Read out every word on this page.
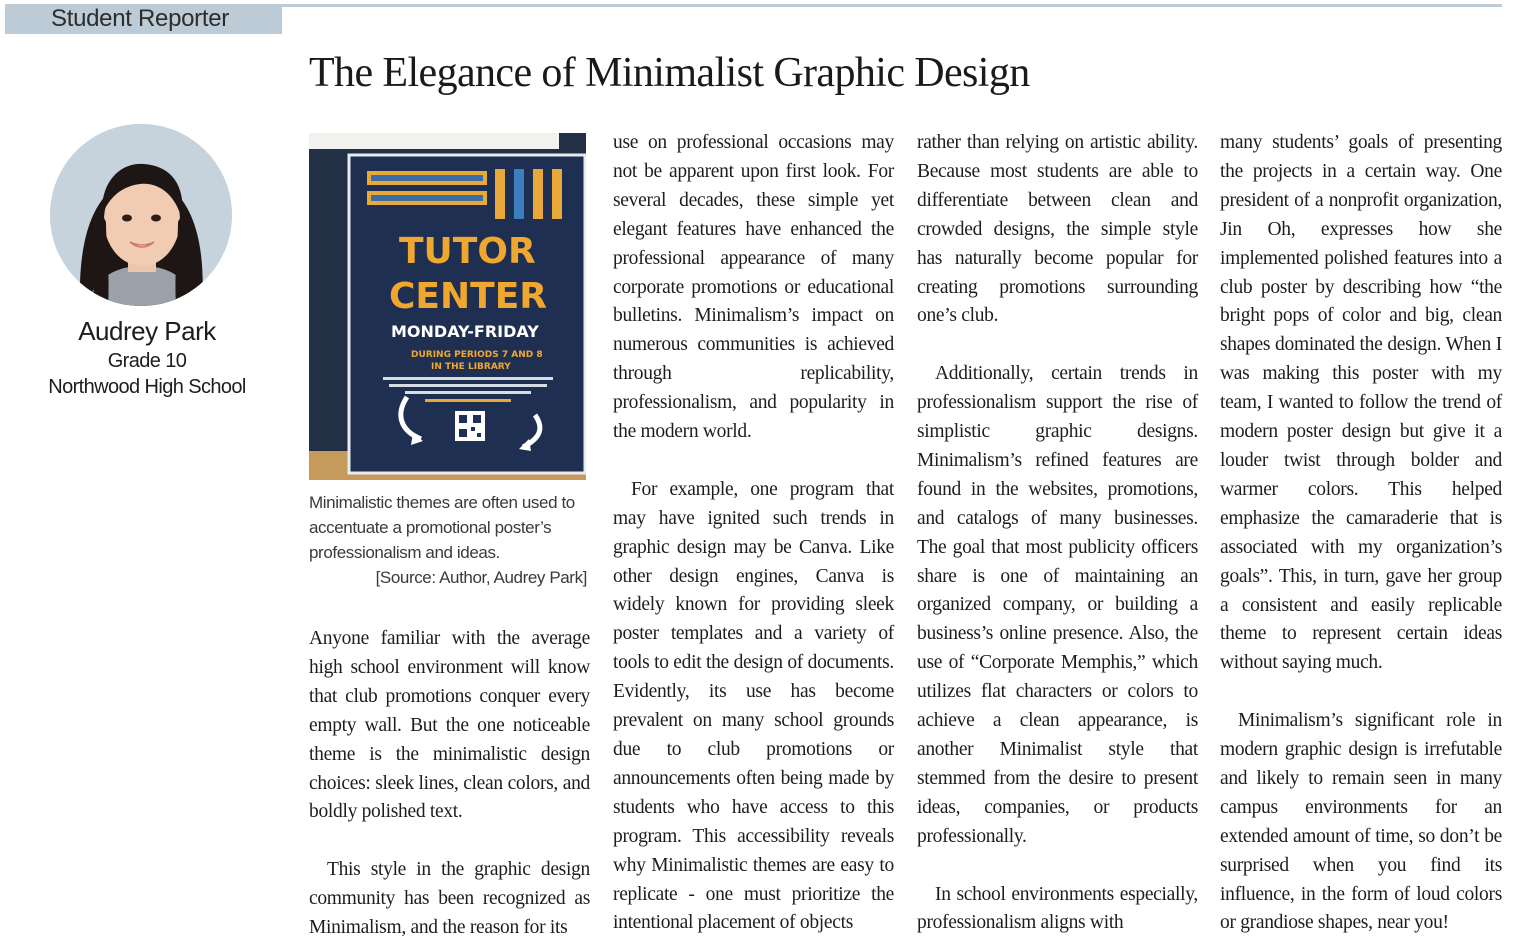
Student Reporter
The Elegance of Minimalist Graphic Design
Audrey Park
Grade 10
Northwood High School
TUTOR
CENTER
MONDAY-FRIDAY
DURING PERIODS 7 AND 8
IN THE LIBRARY
Minimalistic themes are often used to accentuate a promotional poster’s professionalism and ideas.
[Source: Author, Audrey Park]

Anyone familiar with the average high school environment will know that club promotions conquer every empty wall. But the one noticeable theme is the minimalistic design choices: sleek lines, clean colors, and boldly polished text.

This style in the graphic design community has been recognized as Minimalism, and the reason for its

use on professional occasions may not be apparent upon first look. For several decades, these simple yet elegant features have enhanced the professional appearance of many corporate promotions or educational bulletins. Minimalism’s impact on numerous communities is achieved through replicability, professionalism, and popularity in the modern world.

For example, one program that may have ignited such trends in graphic design may be Canva. Like other design engines, Canva is widely known for providing sleek poster templates and a variety of tools to edit the design of documents. Evidently, its use has become prevalent on many school grounds due to club promotions or announcements often being made by students who have access to this program. This accessibility reveals why Minimalistic themes are easy to replicate - one must prioritize the intentional placement of objects

rather than relying on artistic ability. Because most students are able to differentiate between clean and crowded designs, the simple style has naturally become popular for creating promotions surrounding one’s club.

Additionally, certain trends in professionalism support the rise of simplistic graphic designs. Minimalism’s refined features are found in the websites, promotions, and catalogs of many businesses. The goal that most publicity officers share is one of maintaining an organized company, or building a business’s online presence. Also, the use of “Corporate Memphis,” which utilizes flat characters or colors to achieve a clean appearance, is another Minimalist style that stemmed from the desire to present ideas, companies, or products professionally.

In school environments especially, professionalism aligns with

many students’ goals of presenting the projects in a certain way. One president of a nonprofit organization, Jin Oh, expresses how she implemented polished features into a club poster by describing how “the bright pops of color and big, clean shapes dominated the design. When I was making this poster with my team, I wanted to follow the trend of modern poster design but give it a louder twist through bolder and warmer colors. This helped emphasize the camaraderie that is associated with my organization’s goals”. This, in turn, gave her group a consistent and easily replicable theme to represent certain ideas without saying much.

Minimalism’s significant role in modern graphic design is irrefutable and likely to remain seen in many campus environments for an extended amount of time, so don’t be surprised when you find its influence, in the form of loud colors or grandiose shapes, near you!
